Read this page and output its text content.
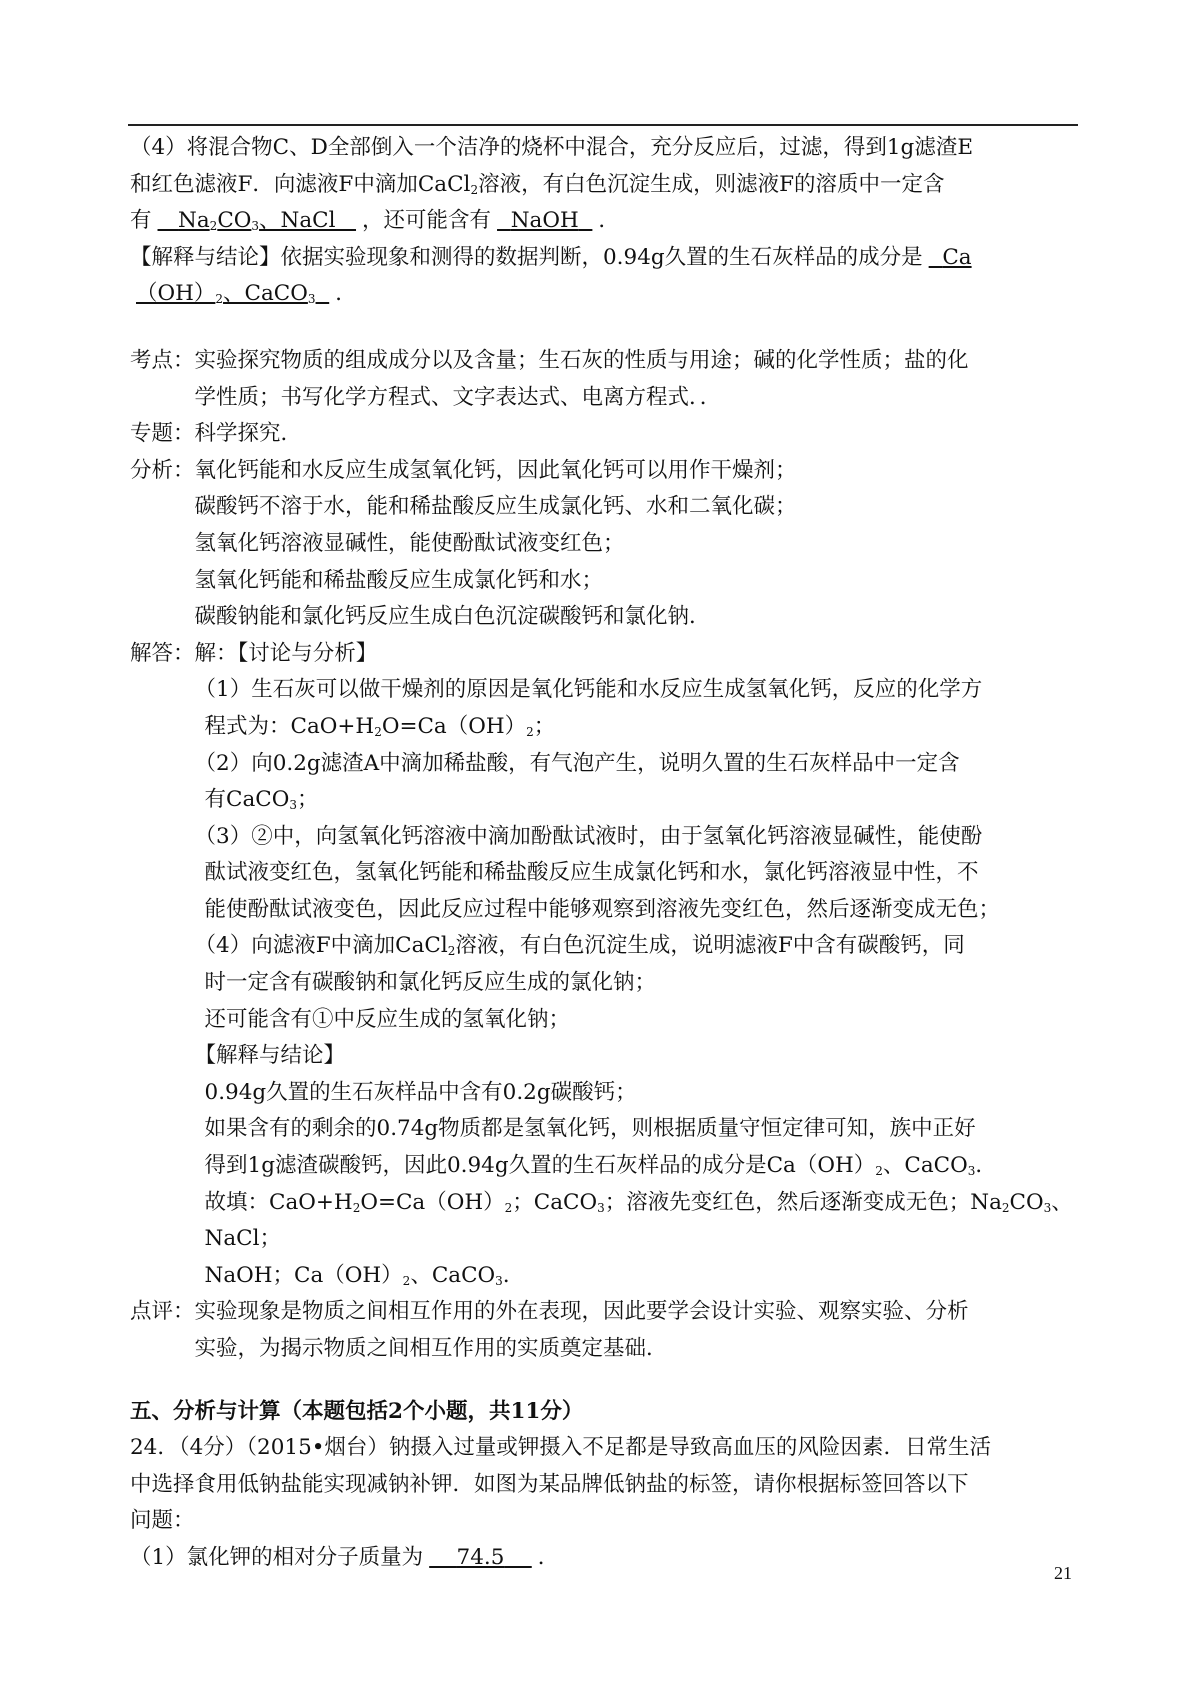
（4）将混合物C、D全部倒入一个洁净的烧杯中混合，充分反应后，过滤，得到1g滤渣E

和红色滤液F．向滤液F中滴加CaCl$_2$溶液，有白色沉淀生成，则滤液F的溶质中一定含

有 $Na_2CO_3$、NaCl ，还可能含有 NaOH ．

【解释与结论】依据实验现象和测得的数据判断，0.94g久置的生石灰样品的成分是 Ca

$(OH)_2$、CaCO$_3$ ．

考点： 实验探究物质的组成成分以及含量；生石灰的性质与用途；碱的化学性质；盐的化

学性质；书写化学方程式、文字表达式、电离方程式．．

专题： 科学探究．

分析： 氧化钙能和水反应生成氢氧化钙，因此氧化钙可以用作干燥剂；

碳酸钙不溶于水，能和稀盐酸反应生成氯化钙、水和二氧化碳；

氢氧化钙溶液显碱性，能使酚酞试液变红色；

氢氧化钙能和稀盐酸反应生成氯化钙和水；

碳酸钠能和氯化钙反应生成白色沉淀碳酸钙和氯化钠．

解答： 解：【讨论与分析】

（1）生石灰可以做干燥剂的原因是氧化钙能和水反应生成氢氧化钙，反应的化学方

程式为：$CaO+H_2O=Ca(OH)_2$；

（2）向0.2g滤渣A中滴加稀盐酸，有气泡产生，说明久置的生石灰样品中一定含

有CaCO$_3$；

（3）②中，向氢氧化钙溶液中滴加酚酞试液时，由于氢氧化钙溶液显碱性，能使酚

酞试液变红色，氢氧化钙能和稀盐酸反应生成氯化钙和水，氯化钙溶液显中性，不

能使酚酞试液变色，因此反应过程中能够观察到溶液先变红色，然后逐渐变成无色；

（4）向滤液F中滴加CaCl$_2$溶液，有白色沉淀生成，说明滤液F中含有碳酸钙，同

时一定含有碳酸钠和氯化钙反应生成的氯化钠；

还可能含有①中反应生成的氢氧化钠；

【解释与结论】

0.94g久置的生石灰样品中含有0.2g碳酸钙；

如果含有的剩余的0.74g物质都是氢氧化钙，则根据质量守恒定律可知，族中正好

得到1g滤渣碳酸钙，因此0.94g久置的生石灰样品的成分是$Ca(OH)_2$、CaCO$_3$．

故填：$CaO+H_2O=Ca(OH)_2$；CaCO$_3$；溶液先变红色，然后逐渐变成无色；$Na_2CO_3$、NaCl；

NaOH；$Ca(OH)_2$、CaCO$_3$．

点评： 实验现象是物质之间相互作用的外在表现，因此要学会设计实验、观察实验、分析

实验，为揭示物质之间相互作用的实质奠定基础．

五、分析与计算（本题包括2个小题，共11分）

24．（4分）（2015•烟台）钠摄入过量或钾摄入不足都是导致高血压的风险因素．日常生活

中选择食用低钠盐能实现减钠补钾．如图为某品牌低钠盐的标签，请你根据标签回答以下

问题：

（1）氯化钾的相对分子质量为 74.5 ．

21
